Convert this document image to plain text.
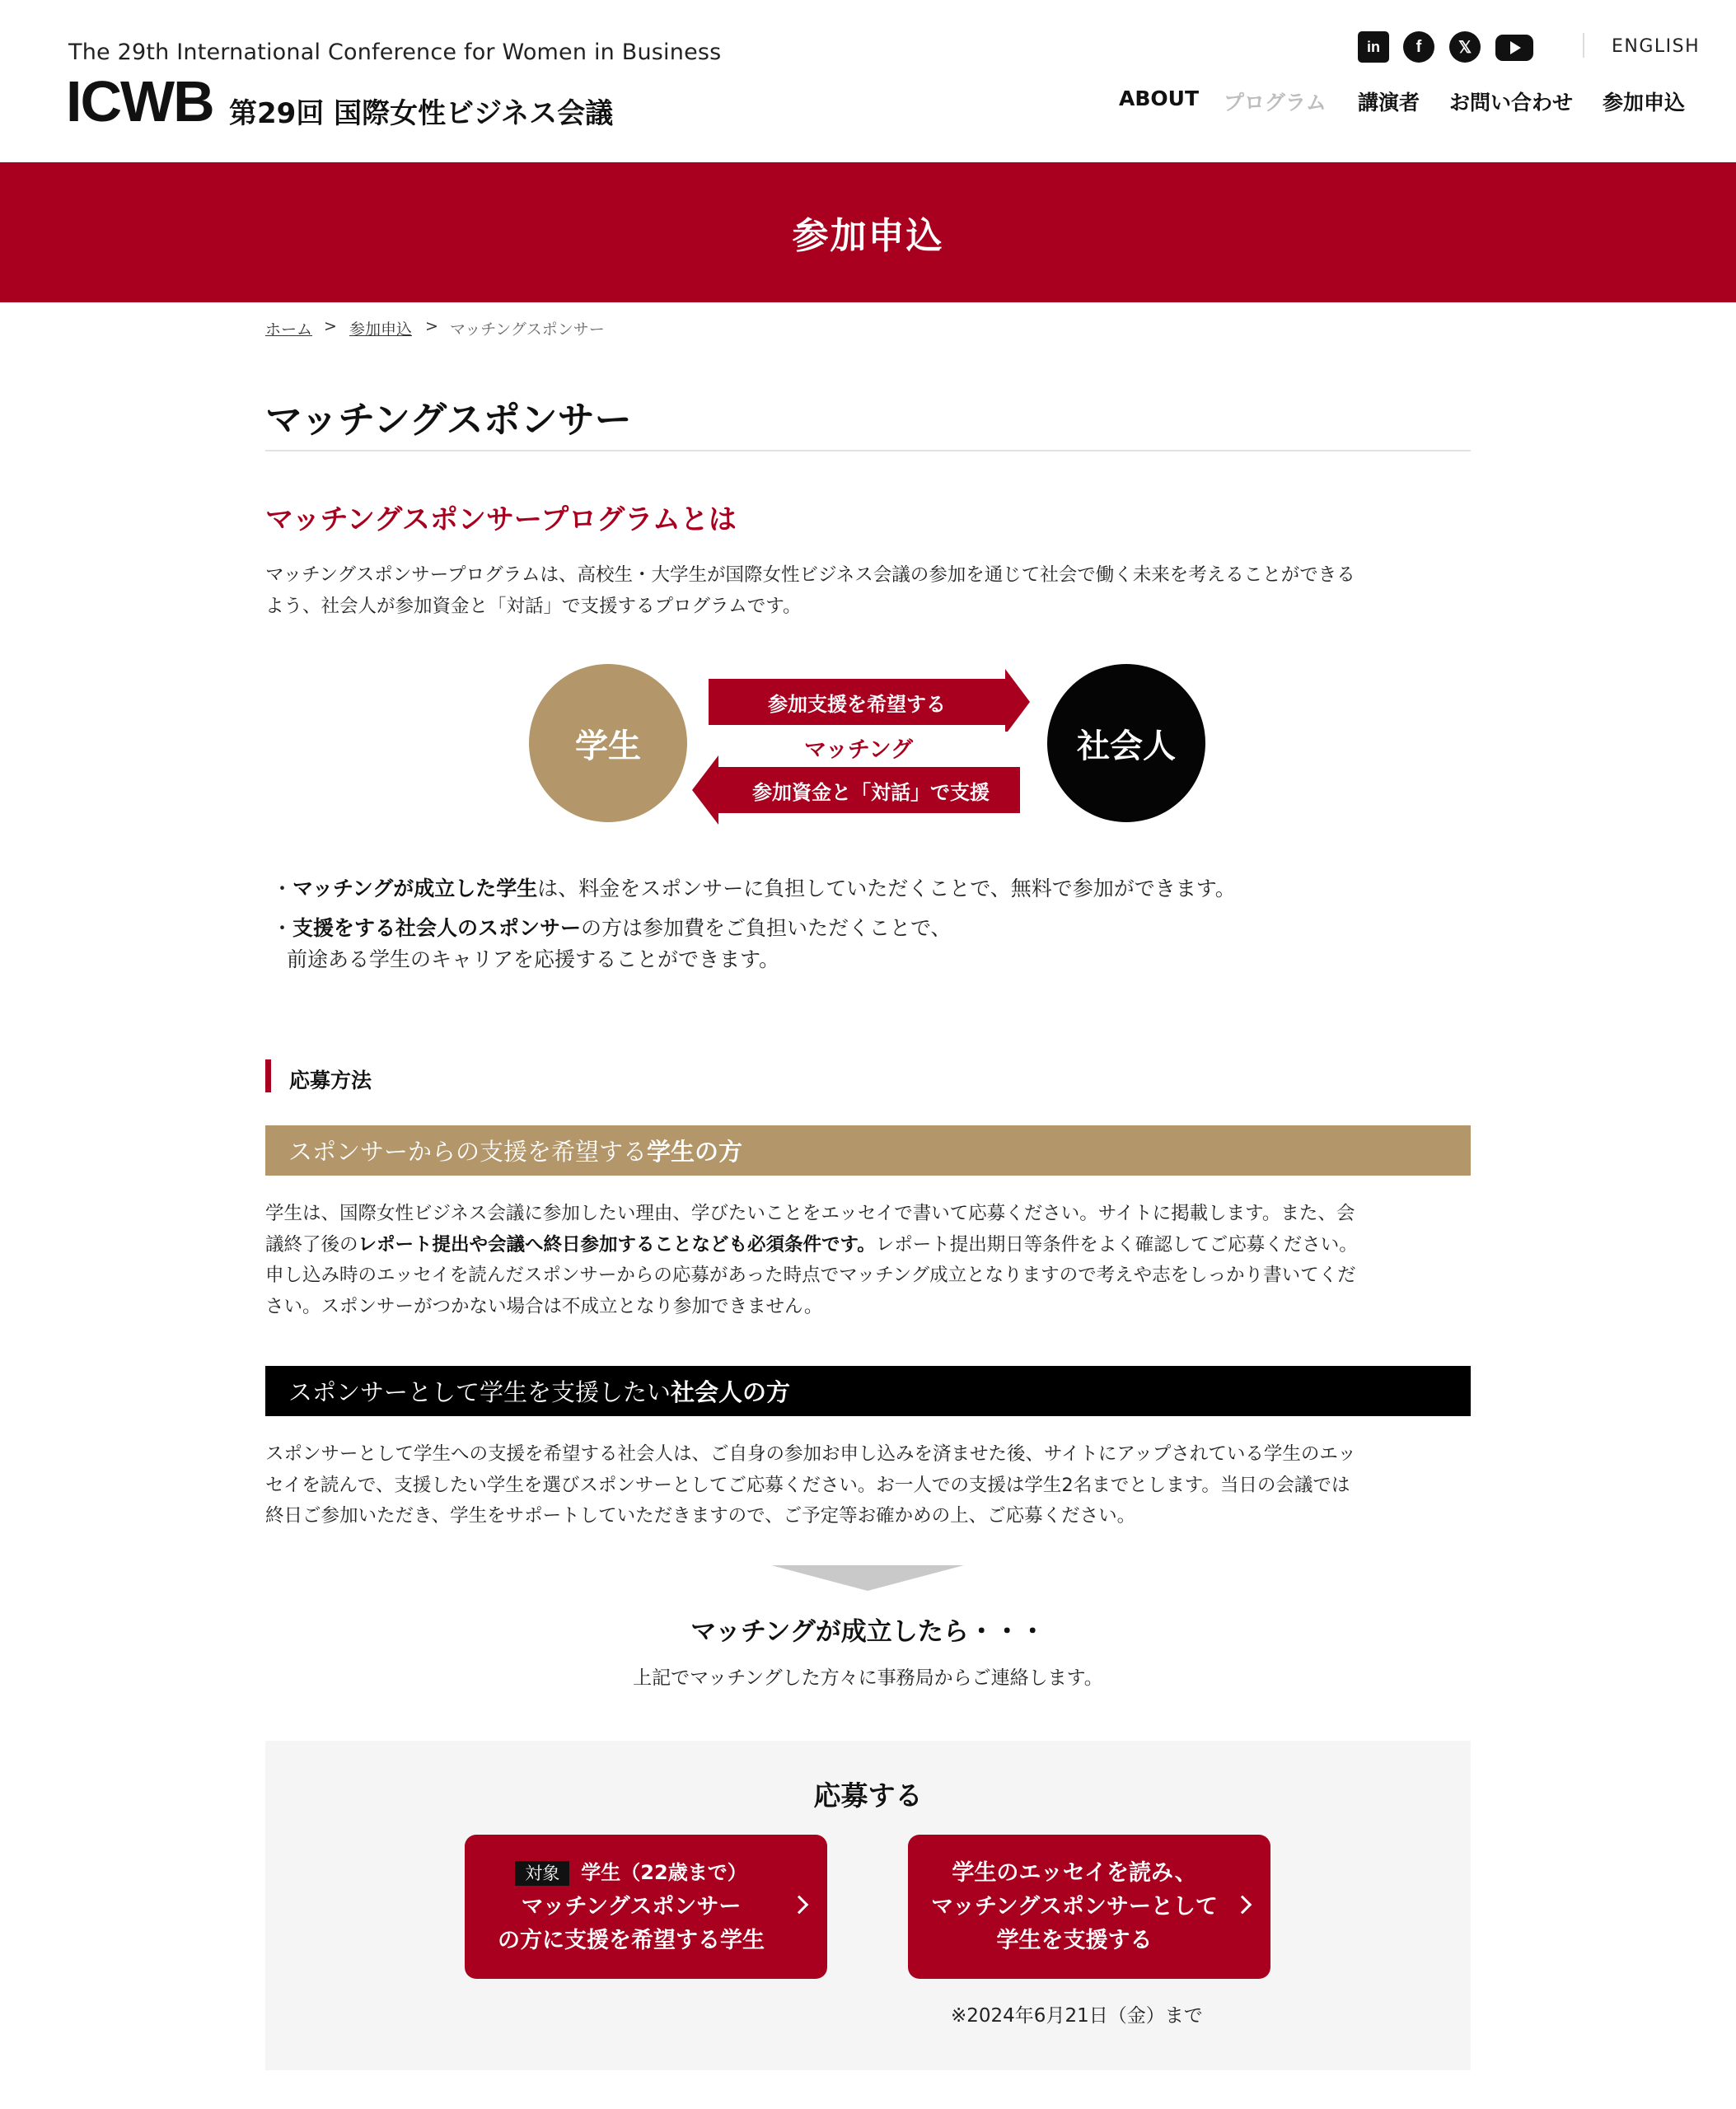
The 29th International Conference for Women in Business
ICWB 第29回 国際女性ビジネス会議
in	f	𝕏	ENGLISH
ABOUT プログラム 講演者 お問い合わせ 参加申込
参加申込
ホーム > 参加申込 > マッチングスポンサー
マッチングスポンサー
マッチングスポンサープログラムとは
マッチングスポンサープログラムは、高校生・大学生が国際女性ビジネス会議の参加を通じて社会で働く未来を考えることができる
よう、社会人が参加資金と「対話」で支援するプログラムです。
学生	社会人
参加支援を希望する
マッチング
参加資金と「対話」で支援
・マッチングが成立した学生は、料金をスポンサーに負担していただくことで、無料で参加ができます。
・支援をする社会人のスポンサーの方は参加費をご負担いただくことで、
前途ある学生のキャリアを応援することができます。
応募方法
スポンサーからの支援を希望する 学生の方
学生は、国際女性ビジネス会議に参加したい理由、学びたいことをエッセイで書いて応募ください。サイトに掲載します。また、会
議終了後のレポート提出や会議へ終日参加することなども必須条件です。レポート提出期日等条件をよく確認してご応募ください。
申し込み時のエッセイを読んだスポンサーからの応募があった時点でマッチング成立となりますので考えや志をしっかり書いてくだ
さい。スポンサーがつかない場合は不成立となり参加できません。
スポンサーとして学生を支援したい 社会人の方
スポンサーとして学生への支援を希望する社会人は、ご自身の参加お申し込みを済ませた後、サイトにアップされている学生のエッ
セイを読んで、支援したい学生を選びスポンサーとしてご応募ください。お一人での支援は学生2名までとします。当日の会議では
終日ご参加いただき、学生をサポートしていただきますので、ご予定等お確かめの上、ご応募ください。
マッチングが成立したら・・・
上記でマッチングした方々に事務局からご連絡します。
応募する
対象	学生（22歳まで）
マッチングスポンサー
の方に支援を希望する学生
学生のエッセイを読み、
マッチングスポンサーとして
学生を支援する
※2024年6月21日（金）まで
